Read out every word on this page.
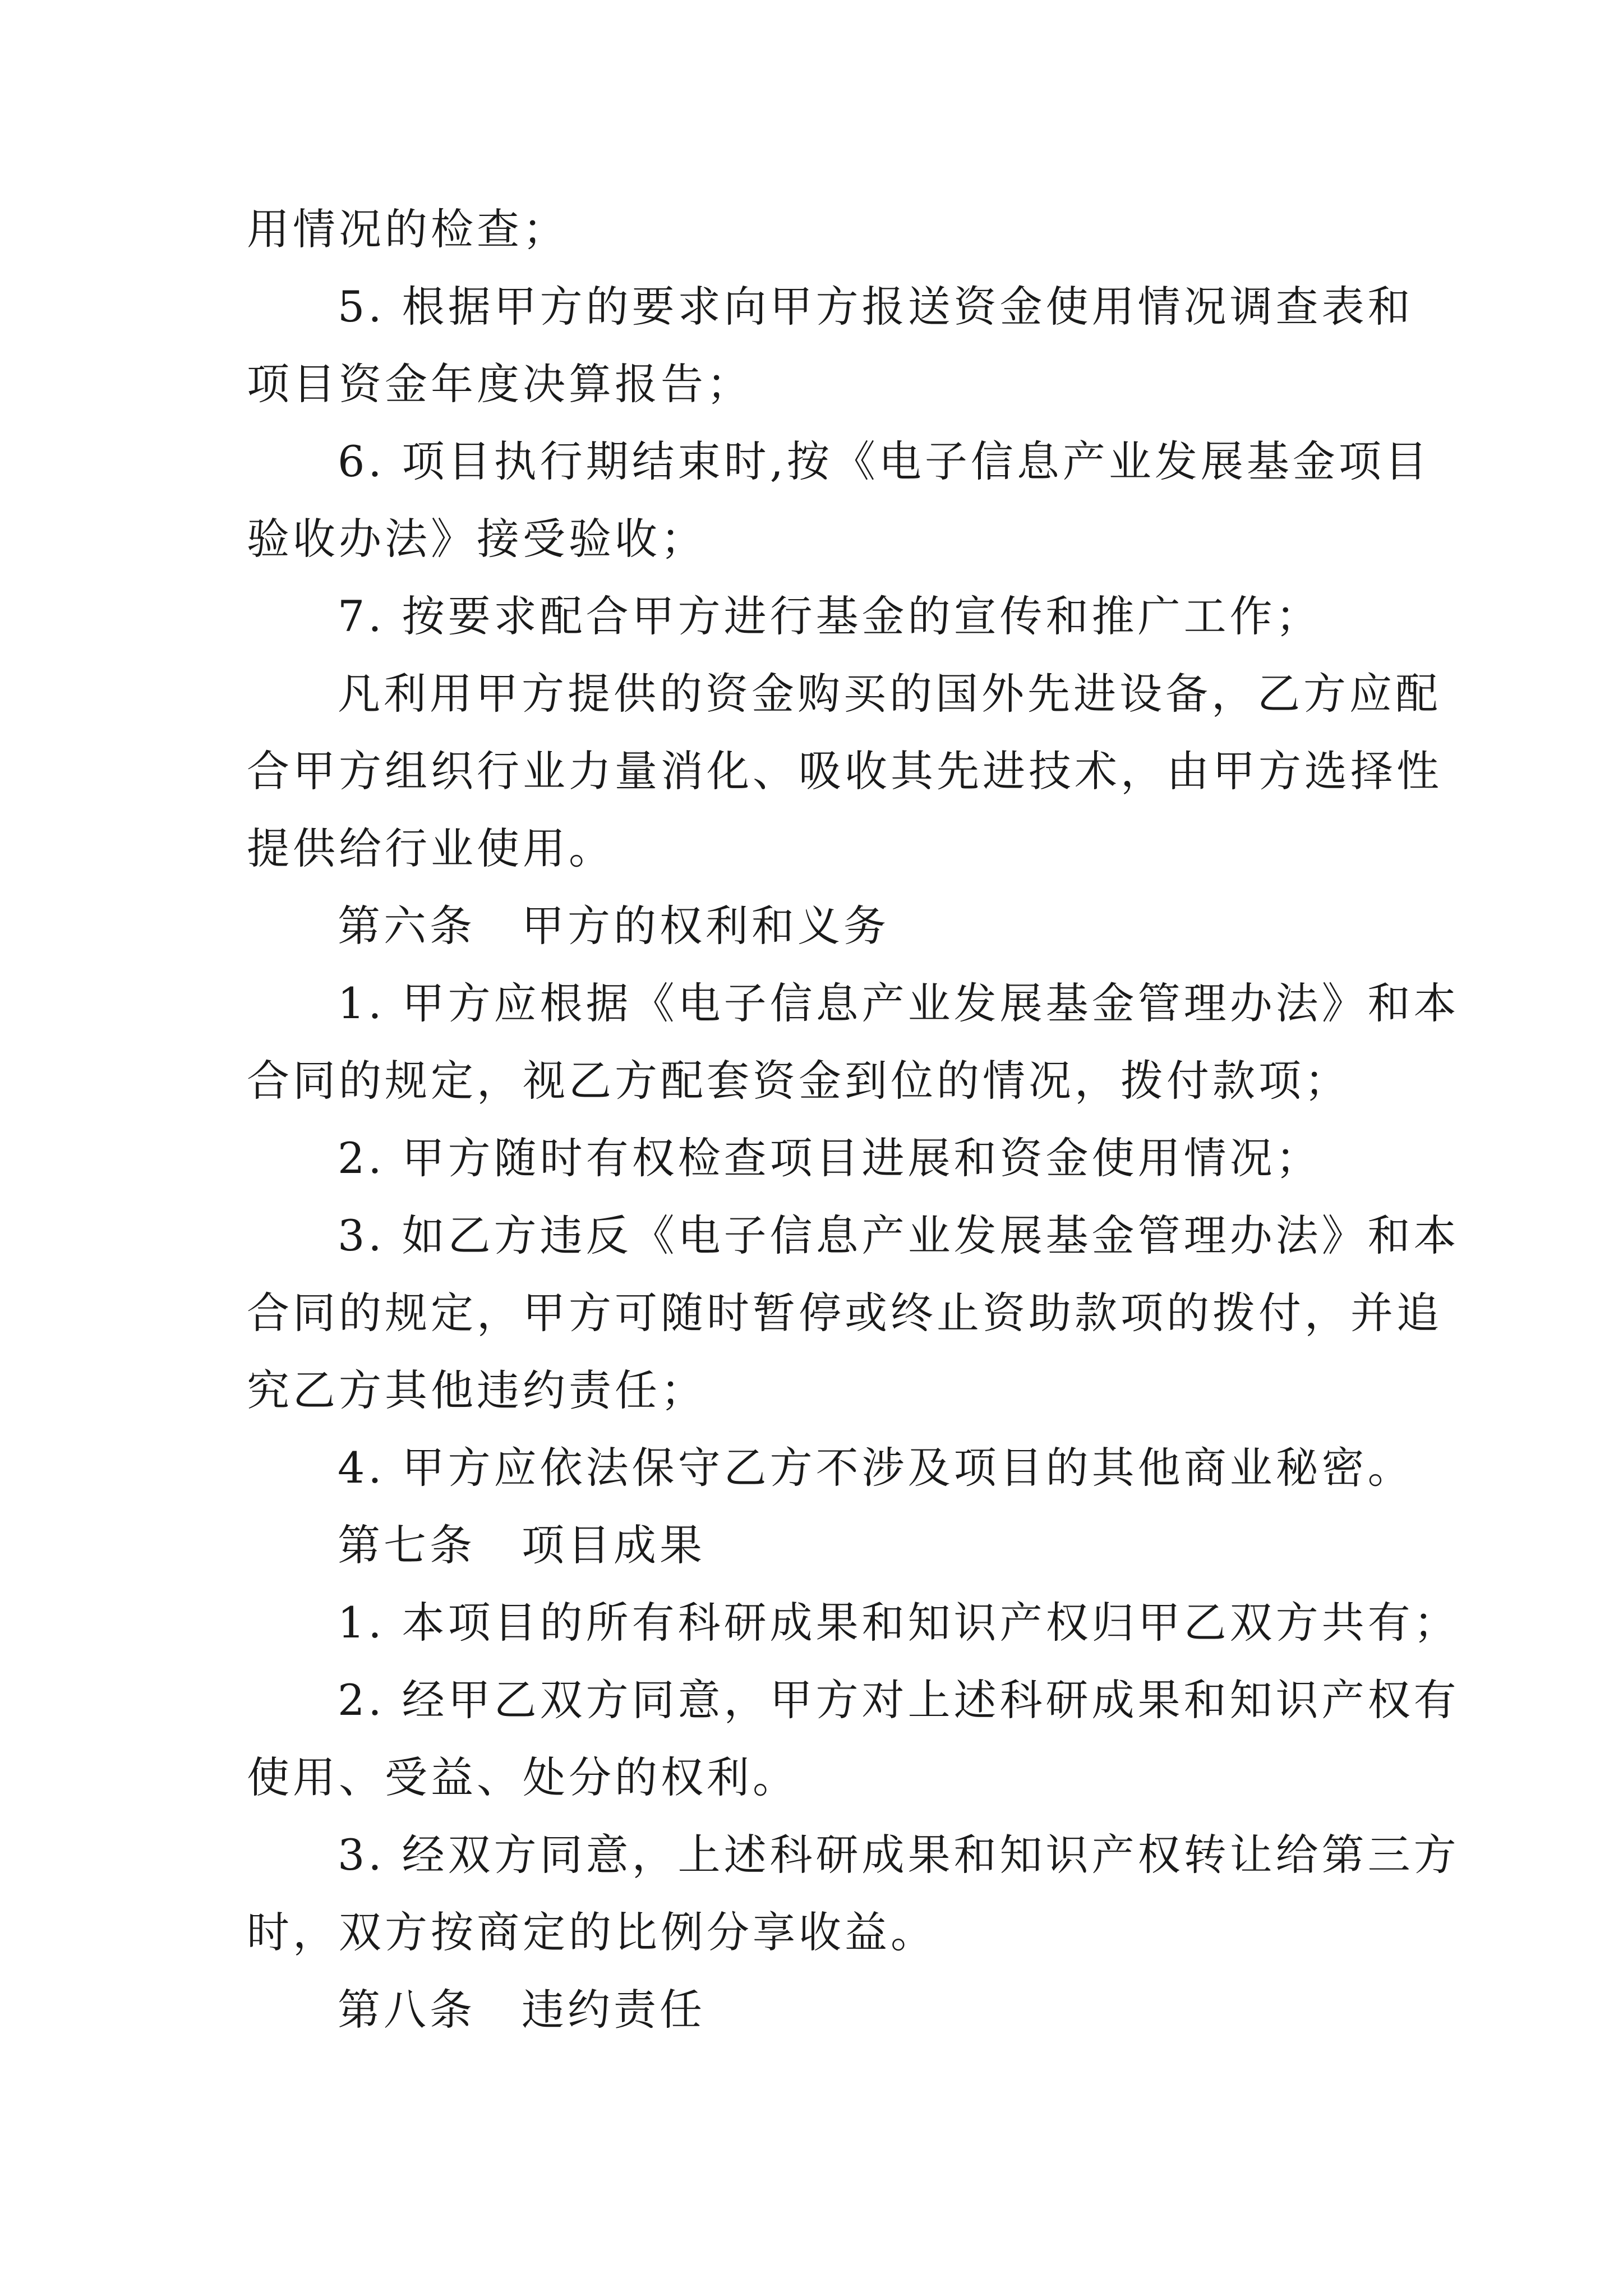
用情况的检查；
5. 根据甲方的要求向甲方报送资金使用情况调查表和
项目资金年度决算报告；
6. 项目执行期结束时,按《电子信息产业发展基金项目
验收办法》接受验收；
7. 按要求配合甲方进行基金的宣传和推广工作；
凡利用甲方提供的资金购买的国外先进设备，乙方应配
合甲方组织行业力量消化、吸收其先进技术，由甲方选择性
提供给行业使用。
第六条　甲方的权利和义务
1. 甲方应根据《电子信息产业发展基金管理办法》和本
合同的规定，视乙方配套资金到位的情况，拨付款项；
2. 甲方随时有权检查项目进展和资金使用情况；
3. 如乙方违反《电子信息产业发展基金管理办法》和本
合同的规定，甲方可随时暂停或终止资助款项的拨付，并追
究乙方其他违约责任；
4. 甲方应依法保守乙方不涉及项目的其他商业秘密。
第七条　项目成果
1. 本项目的所有科研成果和知识产权归甲乙双方共有；
2. 经甲乙双方同意，甲方对上述科研成果和知识产权有
使用、受益、处分的权利。
3. 经双方同意，上述科研成果和知识产权转让给第三方
时，双方按商定的比例分享收益。
第八条　违约责任
